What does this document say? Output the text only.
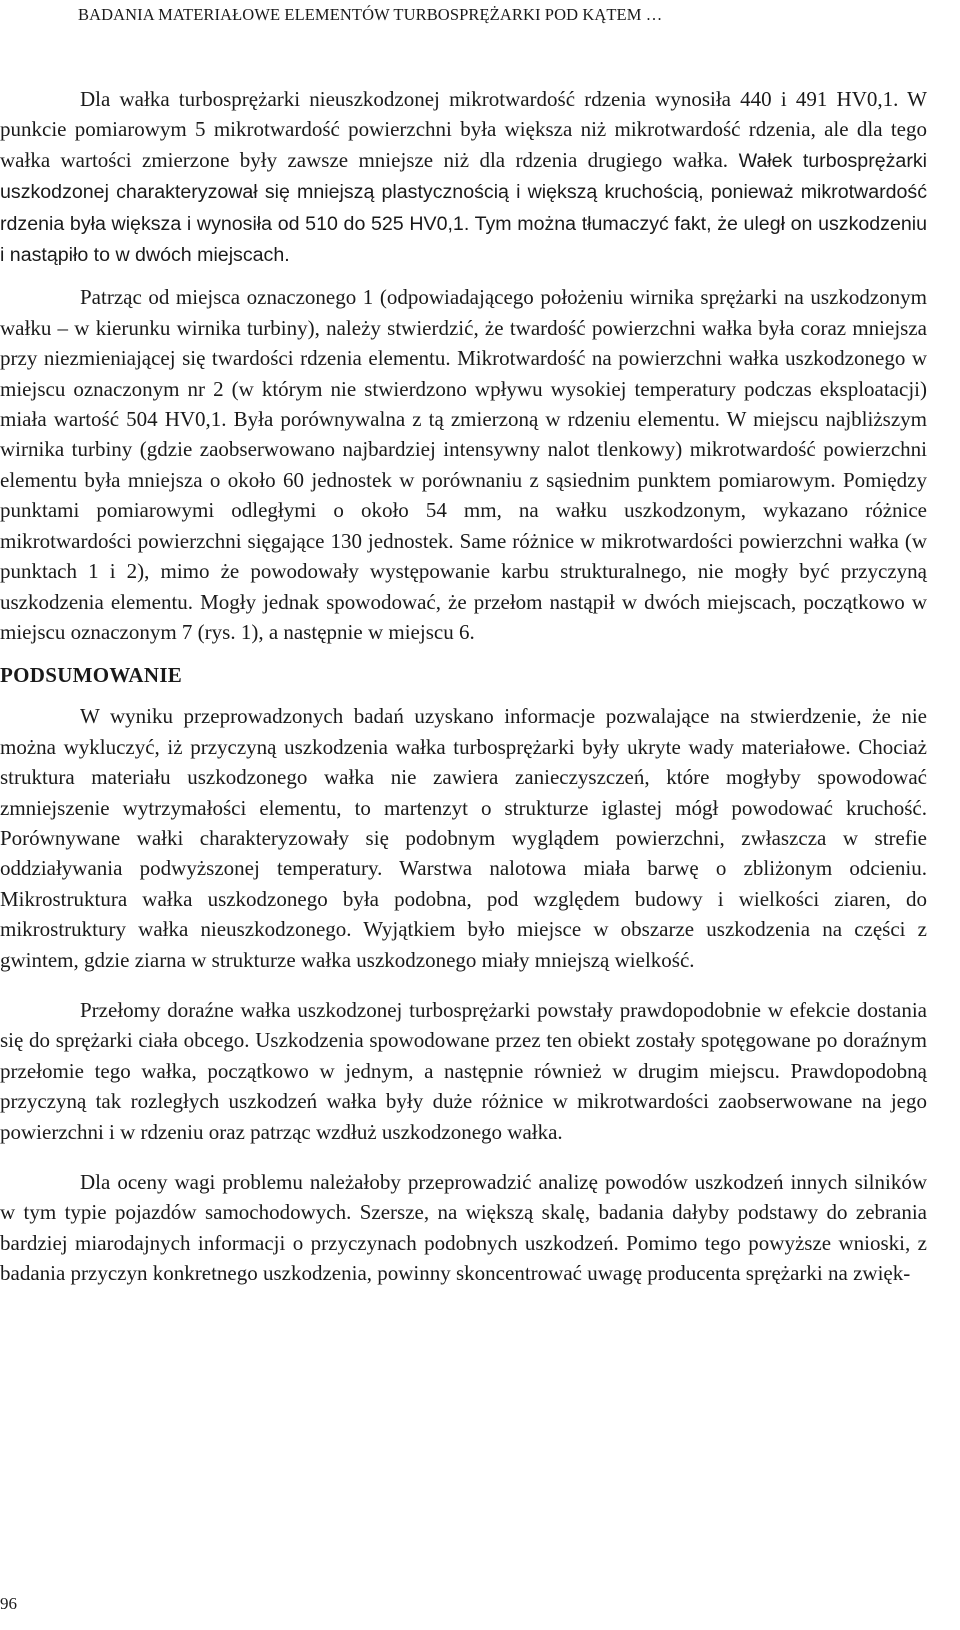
BADANIA MATERIAŁOWE ELEMENTÓW TURBOSPRĘŻARKI POD KĄTEM …

Dla wałka turbosprężarki nieuszkodzonej mikrotwardość rdzenia wynosiła 440 i 491 HV0,1. W punkcie pomiarowym 5 mikrotwardość powierzchni była większa niż mikrotwardość rdzenia, ale dla tego wałka wartości zmierzone były zawsze mniejsze niż dla rdzenia drugiego wałka. Wałek turbosprężarki uszkodzonej charakteryzował się mniejszą plastycznością i większą kruchością, ponieważ mikrotwardość rdzenia była większa i wynosiła od 510 do 525 HV0,1. Tym można tłumaczyć fakt, że uległ on uszkodzeniu i nastąpiło to w dwóch miejscach.

Patrząc od miejsca oznaczonego 1 (odpowiadającego położeniu wirnika sprężarki na uszkodzonym wałku – w kierunku wirnika turbiny), należy stwierdzić, że twardość powierzchni wałka była coraz mniejsza przy niezmieniającej się twardości rdzenia elementu. Mikrotwardość na powierzchni wałka uszkodzonego w miejscu oznaczonym nr 2 (w którym nie stwierdzono wpływu wysokiej temperatury podczas eksploatacji) miała wartość 504 HV0,1. Była porównywalna z tą zmierzoną w rdzeniu elementu. W miejscu najbliższym wirnika turbiny (gdzie zaobserwowano najbardziej intensywny nalot tlenkowy) mikrotwardość powierzchni elementu była mniejsza o około 60 jednostek w porównaniu z sąsiednim punktem pomiarowym. Pomiędzy punktami pomiarowymi odległymi o około 54 mm, na wałku uszkodzonym, wykazano różnice mikrotwardości powierzchni sięgające 130 jednostek. Same różnice w mikrotwardości powierzchni wałka (w punktach 1 i 2), mimo że powodowały występowanie karbu strukturalnego, nie mogły być przyczyną uszkodzenia elementu. Mogły jednak spowodować, że przełom nastąpił w dwóch miejscach, początkowo w miejscu oznaczonym 7 (rys. 1), a następnie w miejscu 6.

PODSUMOWANIE

W wyniku przeprowadzonych badań uzyskano informacje pozwalające na stwierdzenie, że nie można wykluczyć, iż przyczyną uszkodzenia wałka turbosprężarki były ukryte wady materiałowe. Chociaż struktura materiału uszkodzonego wałka nie zawiera zanieczyszczeń, które mogłyby spowodować zmniejszenie wytrzymałości elementu, to martenzyt o strukturze iglastej mógł powodować kruchość. Porównywane wałki charakteryzowały się podobnym wyglądem powierzchni, zwłaszcza w strefie oddziaływania podwyższonej temperatury. Warstwa nalotowa miała barwę o zbliżonym odcieniu. Mikrostruktura wałka uszkodzonego była podobna, pod względem budowy i wielkości ziaren, do mikrostruktury wałka nieuszkodzonego. Wyjątkiem było miejsce w obszarze uszkodzenia na części z gwintem, gdzie ziarna w strukturze wałka uszkodzonego miały mniejszą wielkość.

Przełomy doraźne wałka uszkodzonej turbosprężarki powstały prawdopodobnie w efekcie dostania się do sprężarki ciała obcego. Uszkodzenia spowodowane przez ten obiekt zostały spotęgowane po doraźnym przełomie tego wałka, początkowo w jednym, a następnie również w drugim miejscu. Prawdopodobną przyczyną tak rozległych uszkodzeń wałka były duże różnice w mikrotwardości zaobserwowane na jego powierzchni i w rdzeniu oraz patrząc wzdłuż uszkodzonego wałka.

Dla oceny wagi problemu należałoby przeprowadzić analizę powodów uszkodzeń innych silników w tym typie pojazdów samochodowych. Szersze, na większą skalę, badania dałyby podstawy do zebrania bardziej miarodajnych informacji o przyczynach podobnych uszkodzeń. Pomimo tego powyższe wnioski, z badania przyczyn konkretnego uszkodzenia, powinny skoncentrować uwagę producenta sprężarki na zwięk-

96
